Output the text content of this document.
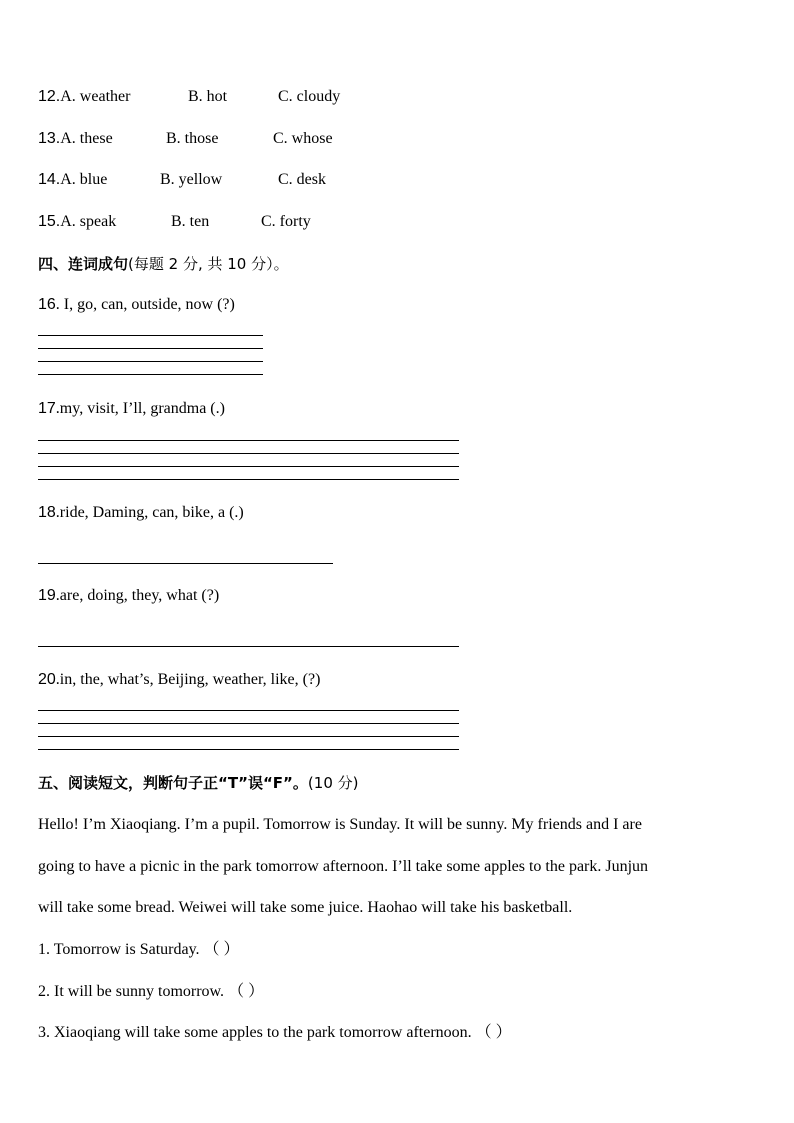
12.A. weather	B. hot	C. cloudy
13.A. these	B. those	C. whose
14.A. blue	B. yellow	C. desk
15.A. speak	B. ten	C. forty
四、连词成句(每题 2 分, 共 10 分）。
16. I, go, can, outside, now (?)
17.my, visit, I’ll, grandma (.)
18.ride, Daming, can, bike, a (.)
19.are, doing, they, what (?)
20.in, the, what’s, Beijing, weather, like, (?)
五、阅读短文，判断句子正“T”误“F”。(10 分)
Hello! I’m Xiaoqiang. I’m a pupil. Tomorrow is Sunday. It will be sunny. My friends and I are
going to have a picnic in the park tomorrow afternoon. I’ll take some apples to the park. Junjun
will take some bread. Weiwei will take some juice. Haohao will take his basketball.
1. Tomorrow is Saturday. （ ）
2. It will be sunny tomorrow. （ ）
3. Xiaoqiang will take some apples to the park tomorrow afternoon. （ ）
